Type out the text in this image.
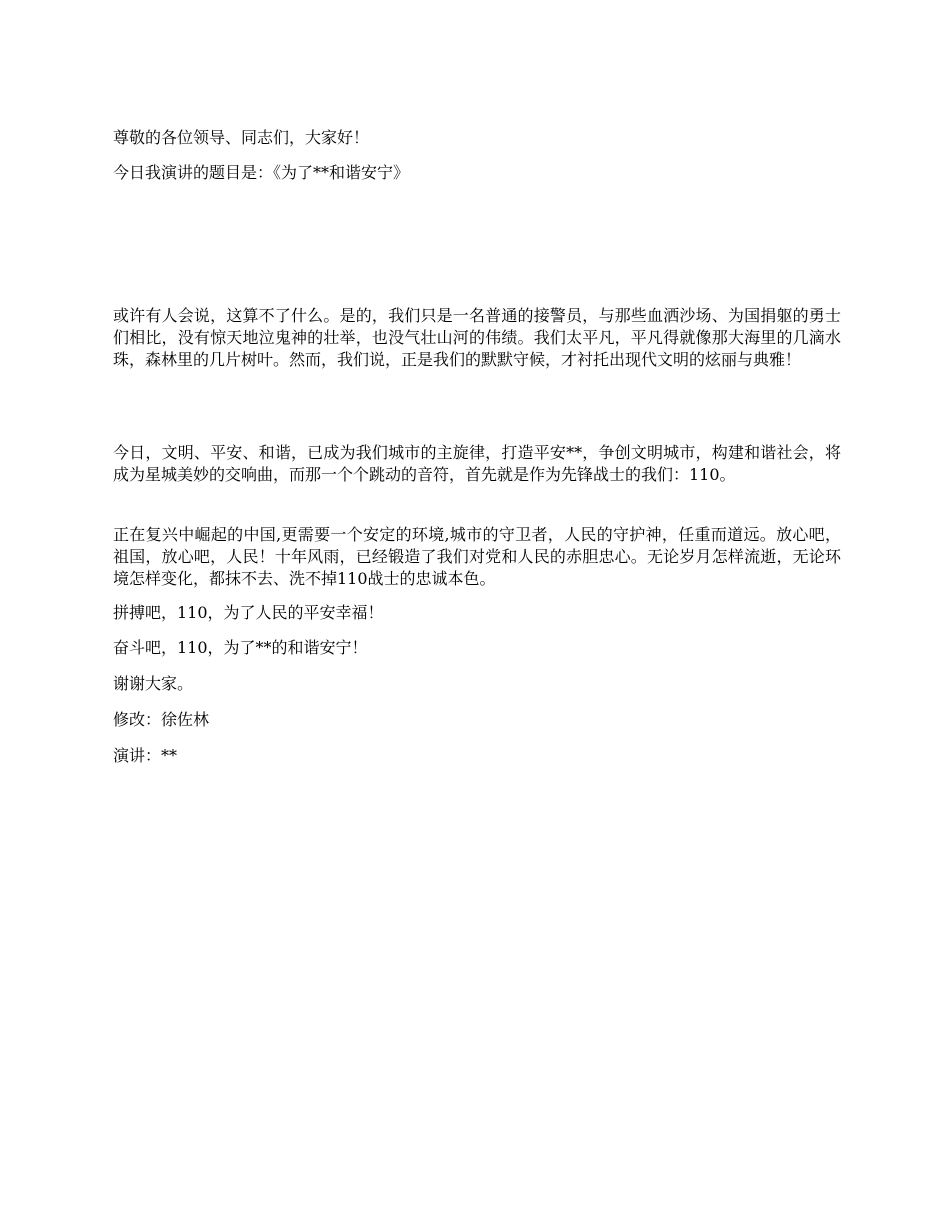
尊敬的各位领导、同志们，大家好！

今日我演讲的题目是：《为了**和谐安宁》

或许有人会说，这算不了什么。是的，我们只是一名普通的接警员，与那些血洒沙场、为国捐躯的勇士们相比，没有惊天地泣鬼神的壮举，也没气壮山河的伟绩。我们太平凡，平凡得就像那大海里的几滴水珠，森林里的几片树叶。然而，我们说，正是我们的默默守候，才衬托出现代文明的炫丽与典雅！

今日，文明、平安、和谐，已成为我们城市的主旋律，打造平安**，争创文明城市，构建和谐社会，将成为星城美妙的交响曲，而那一个个跳动的音符，首先就是作为先锋战士的我们：110。

正在复兴中崛起的中国,更需要一个安定的环境,城市的守卫者，人民的守护神，任重而道远。放心吧，祖国，放心吧，人民！十年风雨，已经锻造了我们对党和人民的赤胆忠心。无论岁月怎样流逝，无论环境怎样变化，都抹不去、洗不掉110战士的忠诚本色。

拼搏吧，110，为了人民的平安幸福！

奋斗吧，110，为了**的和谐安宁！

谢谢大家。

修改：徐佐林

演讲：**
